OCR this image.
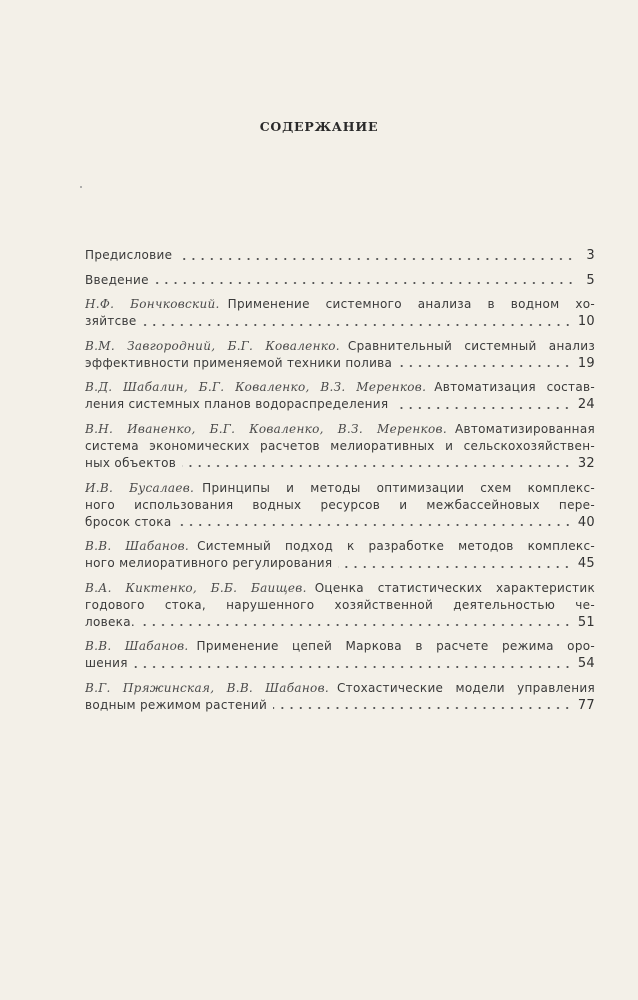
СОДЕРЖАНИЕ
Предисловие	3
Введение	5
Н.Ф. Бончковский. Применение системного анализа в водном хо-
зяйтсве	10
В.М. Завгородний, Б.Г. Коваленко. Сравнительный системный анализ
эффективности применяемой техники полива	19
В.Д. Шабалин, Б.Г. Коваленко, В.З. Меренков. Автоматизация состав-
ления системных планов водораспределения	24
В.Н. Иваненко, Б.Г. Коваленко, В.З. Меренков. Автоматизированная
система экономических расчетов мелиоративных и сельскохозяйствен-
ных объектов	32
И.В. Бусалаев. Принципы и методы оптимизации схем комплекс-
ного использования водных ресурсов и межбассейновых пере-
бросок стока	40
В.В. Шабанов. Системный подход к разработке методов комплекс-
ного мелиоративного регулирования	45
В.А. Киктенко, Б.Б. Баищев. Оценка статистических характеристик
годового стока, нарушенного хозяйственной деятельностью че-
ловека.	51
В.В. Шабанов. Применение цепей Маркова в расчете режима оро-
шения	54
В.Г. Пряжинская, В.В. Шабанов. Стохастические модели управления
водным режимом растений	77
